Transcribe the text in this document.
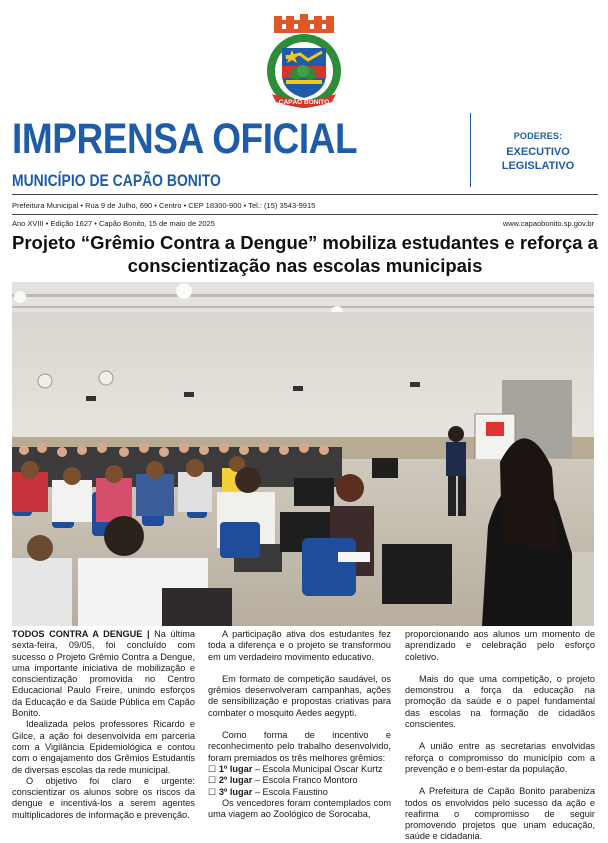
CAPÃO BONITO
IMPRENSA OFICIAL
MUNICÍPIO DE CAPÃO BONITO
PODERES:
EXECUTIVO
LEGISLATIVO
Prefeitura Municipal • Rua 9 de Julho, 690 • Centro • CEP 18300-900 • Tel.: (15) 3543-9915
Ano XVIII • Edição 1627 • Capão Bonito, 15 de maio de 2025	www.capaobonito.sp.gov.br
Projeto “Grêmio Contra a Dengue” mobiliza estudantes e reforça a conscientização nas escolas municipais

TODOS CONTRA A DENGUE | Na última sexta-feira, 09/05, foi concluído com sucesso o Projeto Grêmio Contra a Dengue, uma importante iniciativa de mobilização e conscientização promovida no Centro Educacional Paulo Freire, unindo esforços da Educação e da Saúde Pública em Capão Bonito.

Idealizada pelos professores Ricardo e Gilce, a ação foi desenvolvida em parceria com a Vigilância Epidemiológica e contou com o engajamento dos Grêmios Estudantis de diversas escolas da rede municipal.

O objetivo foi claro e urgente: conscientizar os alunos sobre os riscos da dengue e incentivá-los a serem agentes multiplicadores de informação e prevenção.

A participação ativa dos estudantes fez toda a diferença e o projeto se transformou em um verdadeiro movimento educativo.

Em formato de competição saudável, os grêmios desenvolveram campanhas, ações de sensibilização e propostas criativas para combater o mosquito Aedes aegypti.

Como forma de incentivo e reconhecimento pelo trabalho desenvolvido, foram premiados os três melhores grêmios:

☐ 1º lugar – Escola Municipal Oscar Kurtz

☐ 2º lugar – Escola Franco Montoro

☐ 3º lugar – Escola Faustino

Os vencedores foram contemplados com uma viagem ao Zoológico de Sorocaba,

proporcionando aos alunos um momento de aprendizado e celebração pelo esforço coletivo.

Mais do que uma competição, o projeto demonstrou a força da educação na promoção da saúde e o papel fundamental das escolas na formação de cidadãos conscientes.

A união entre as secretarias envolvidas reforça o compromisso do município com a prevenção e o bem-estar da população.

A Prefeitura de Capão Bonito parabeniza todos os envolvidos pelo sucesso da ação e reafirma o compromisso de seguir promovendo projetos que unam educação, saúde e cidadania.
